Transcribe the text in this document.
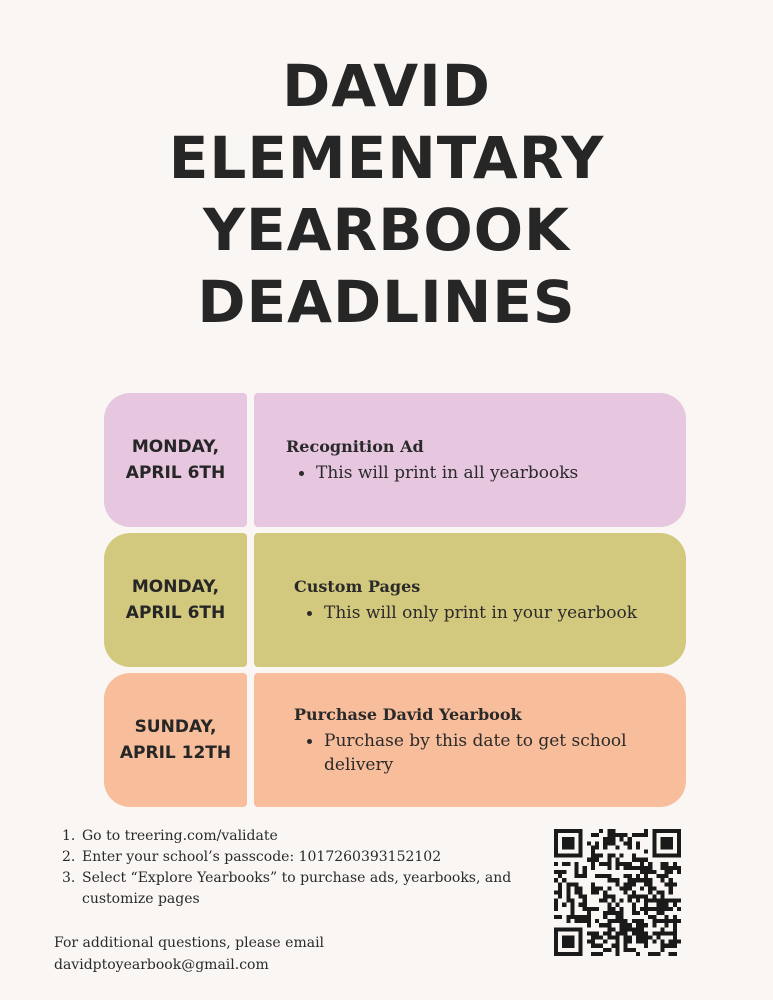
DAVID
ELEMENTARY
YEARBOOK
DEADLINES
MONDAY,
APRIL 6TH
Recognition Ad
This will print in all yearbooks
MONDAY,
APRIL 6TH
Custom Pages
This will only print in your yearbook
SUNDAY,
APRIL 12TH
Purchase David Yearbook
Purchase by this date to get school delivery
1. Go to treering.com/validate
2. Enter your school’s passcode: 1017260393152102
3. Select “Explore Yearbooks” to purchase ads, yearbooks, and customize pages
For additional questions, please email
davidptoyearbook@gmail.com
